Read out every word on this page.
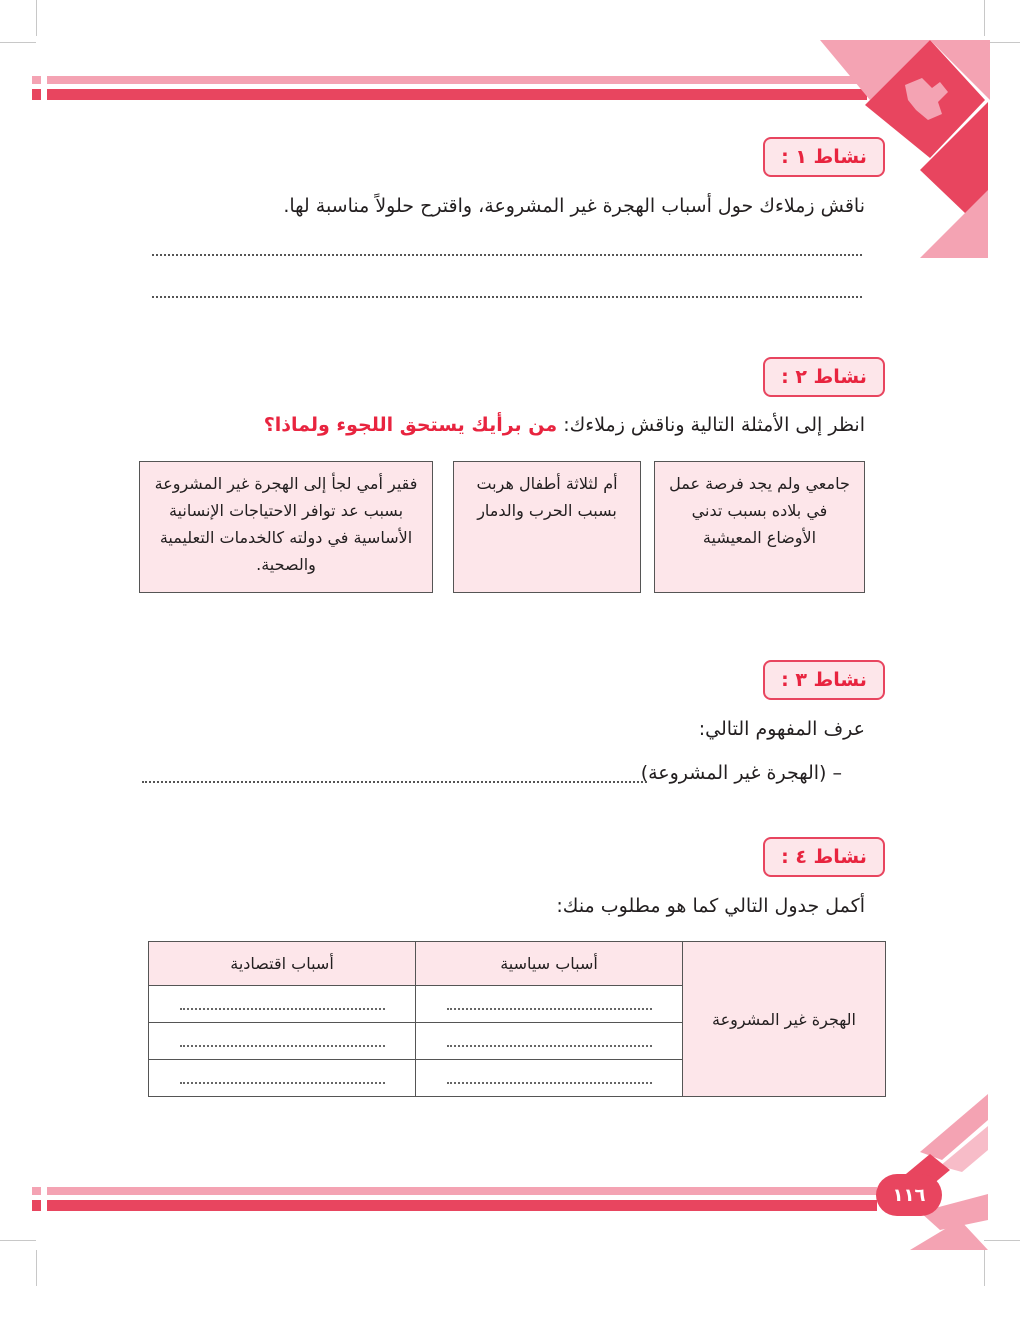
نشاط ١ :
ناقش زملاءك حول أسباب الهجرة غير المشروعة، واقترح حلولاً مناسبة لها.
نشاط ٢ :
انظر إلى الأمثلة التالية وناقش زملاءك: من برأيك يستحق اللجوء ولماذا؟
جامعي ولم يجد فرصة عمل في بلاده بسبب تدني الأوضاع المعيشية
أم لثلاثة أطفال هربت بسبب الحرب والدمار
فقير أمي لجأ إلى الهجرة غير المشروعة بسبب عد توافر الاحتياجات الإنسانية الأساسية في دولته كالخدمات التعليمية والصحية.
نشاط ٣ :
عرف المفهوم التالي:
– (الهجرة غير المشروعة)
نشاط ٤ :
أكمل جدول التالي كما هو مطلوب منك:
الهجرة غير المشروعة	أسباب سياسية	أسباب اقتصادية

١١٦
